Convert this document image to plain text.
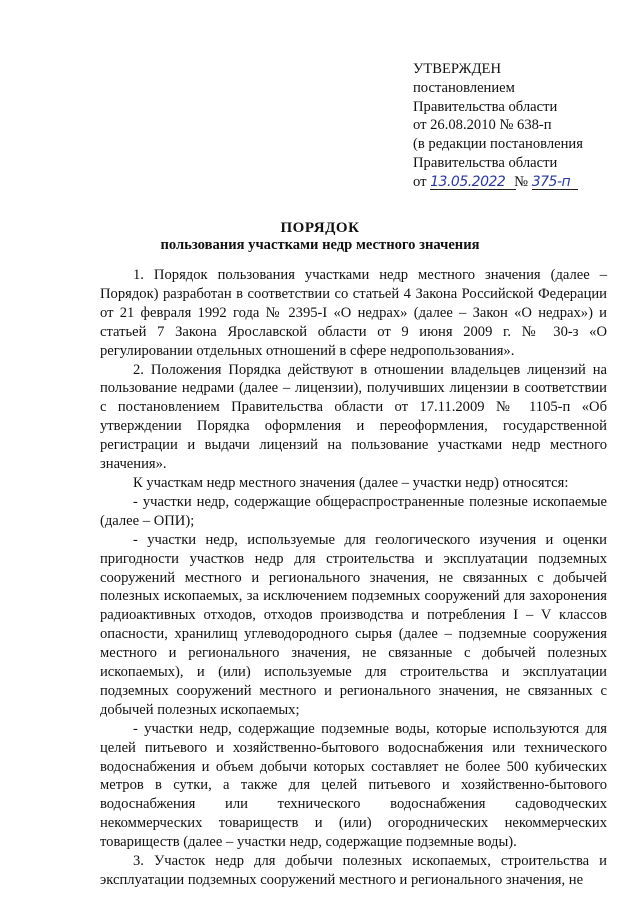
УТВЕРЖДЕН
постановлением
Правительства области
от 26.08.2010 № 638-п
(в редакции постановления
Правительства области
от 13.05.2022 № 375-п
ПОРЯДОК
пользования участками недр местного значения

1. Порядок пользования участками недр местного значения (далее – Порядок) разработан в соответствии со статьей 4 Закона Российской Федерации от 21 февраля 1992 года № 2395-I «О недрах» (далее – Закон «О недрах») и статьей 7 Закона Ярославской области от 9 июня 2009 г. № 30-з «О регулировании отдельных отношений в сфере недропользования».

2. Положения Порядка действуют в отношении владельцев лицензий на пользование недрами (далее – лицензии), получивших лицензии в соответствии с постановлением Правительства области от 17.11.2009 № 1105-п «Об утверждении Порядка оформления и переоформления, государственной регистрации и выдачи лицензий на пользование участками недр местного значения».

К участкам недр местного значения (далее – участки недр) относятся:

- участки недр, содержащие общераспространенные полезные ископаемые (далее – ОПИ);

- участки недр, используемые для геологического изучения и оценки пригодности участков недр для строительства и эксплуатации подземных сооружений местного и регионального значения, не связанных с добычей полезных ископаемых, за исключением подземных сооружений для захоронения радиоактивных отходов, отходов производства и потребления I – V классов опасности, хранилищ углеводородного сырья (далее – подземные сооружения местного и регионального значения, не связанные с добычей полезных ископаемых), и (или) используемые для строительства и эксплуатации подземных сооружений местного и регионального значения, не связанных с добычей полезных ископаемых;

- участки недр, содержащие подземные воды, которые используются для целей питьевого и хозяйственно-бытового водоснабжения или технического водоснабжения и объем добычи которых составляет не более 500 кубических метров в сутки, а также для целей питьевого и хозяйственно-бытового водоснабжения или технического водоснабжения садоводческих некоммерческих товариществ и (или) огороднических некоммерческих товариществ (далее – участки недр, содержащие подземные воды).

3. Участок недр для добычи полезных ископаемых, строительства и эксплуатации подземных сооружений местного и регионального значения, не
